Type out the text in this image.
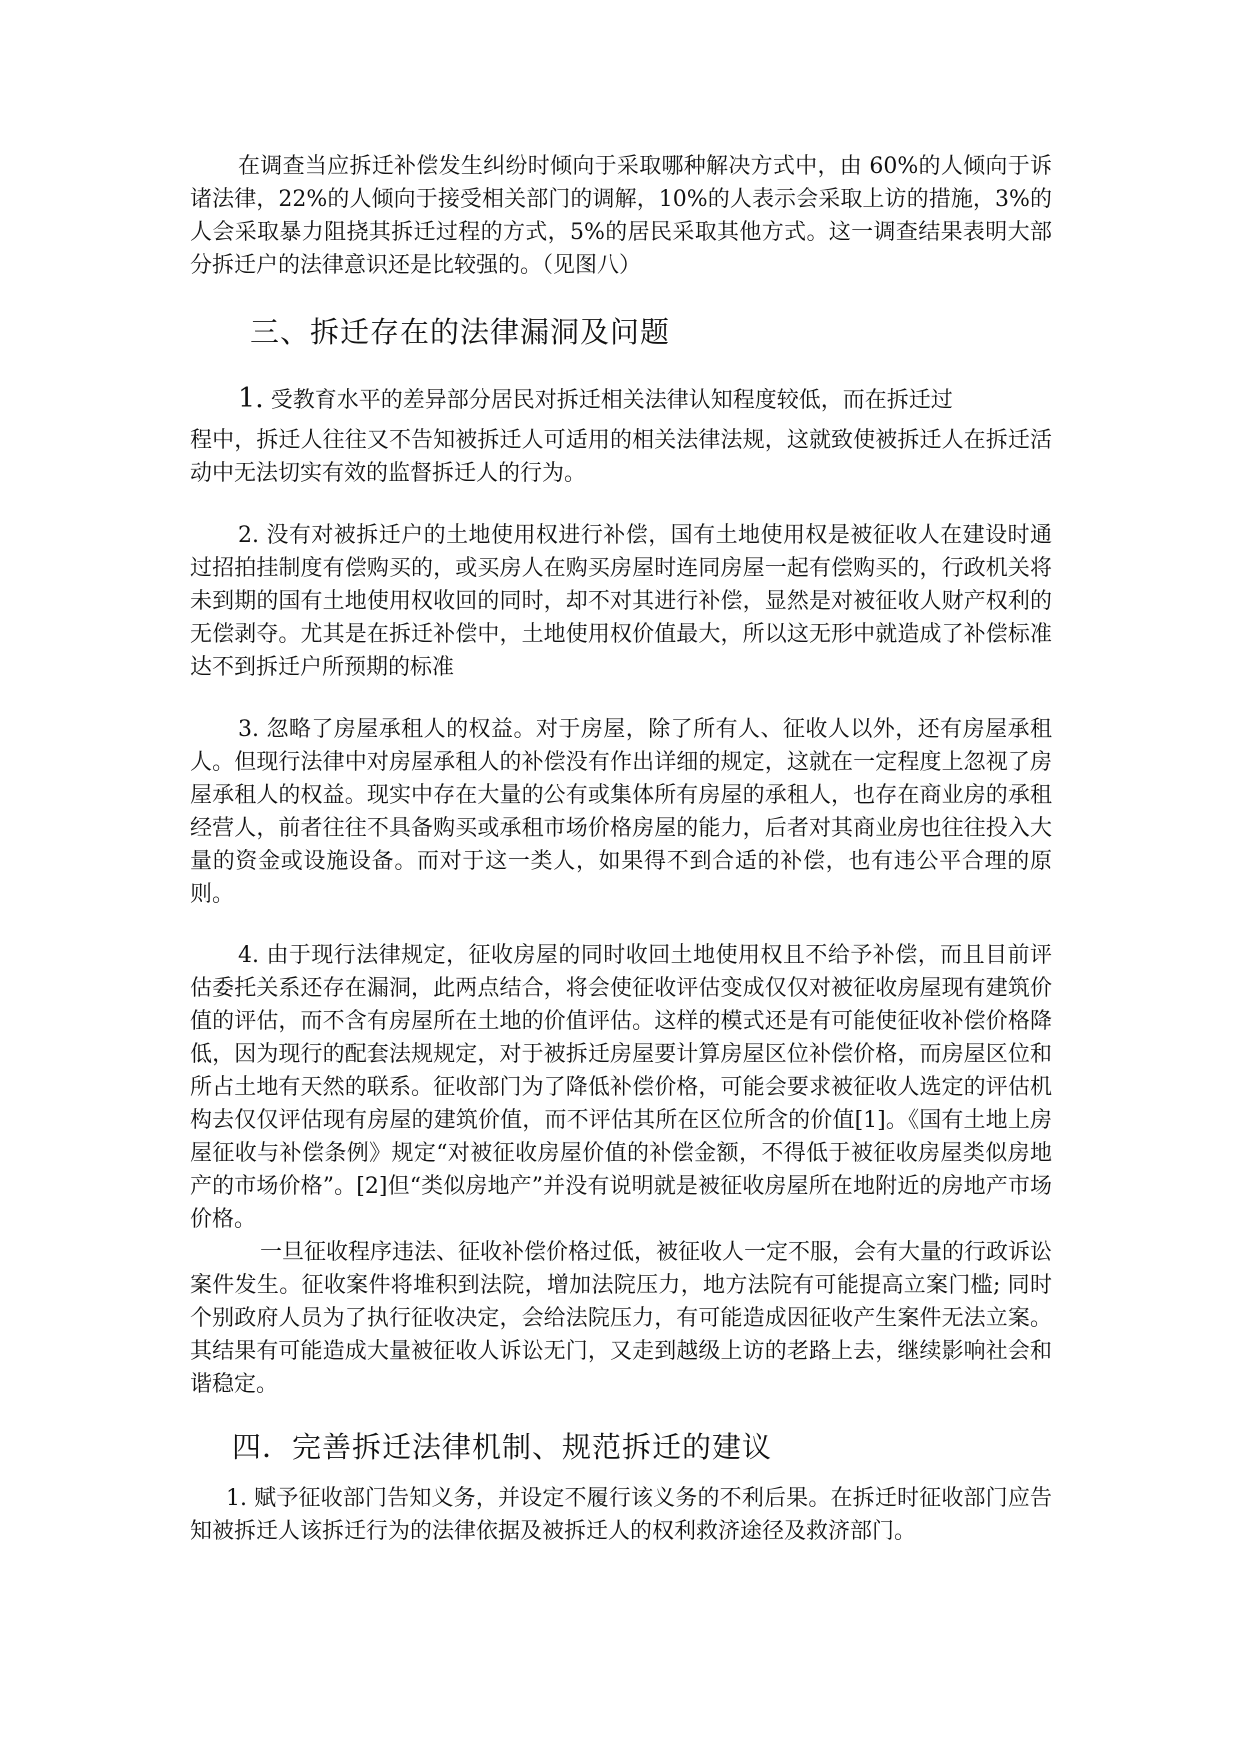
在调查当应拆迁补偿发生纠纷时倾向于采取哪种解决方式中，由 60%的人倾向于诉诸法律，22%的人倾向于接受相关部门的调解，10%的人表示会采取上访的措施，3%的人会采取暴力阻挠其拆迁过程的方式，5%的居民采取其他方式。这一调查结果表明大部分拆迁户的法律意识还是比较强的。（见图八）

三、拆迁存在的法律漏洞及问题

1. 受教育水平的差异部分居民对拆迁相关法律认知程度较低，而在拆迁过

程中，拆迁人往往又不告知被拆迁人可适用的相关法律法规，这就致使被拆迁人在拆迁活动中无法切实有效的监督拆迁人的行为。

2. 没有对被拆迁户的土地使用权进行补偿，国有土地使用权是被征收人在建设时通过招拍挂制度有偿购买的，或买房人在购买房屋时连同房屋一起有偿购买的，行政机关将未到期的国有土地使用权收回的同时，却不对其进行补偿，显然是对被征收人财产权利的无偿剥夺。尤其是在拆迁补偿中，土地使用权价值最大，所以这无形中就造成了补偿标准达不到拆迁户所预期的标准

3. 忽略了房屋承租人的权益。对于房屋，除了所有人、征收人以外，还有房屋承租人。但现行法律中对房屋承租人的补偿没有作出详细的规定，这就在一定程度上忽视了房屋承租人的权益。现实中存在大量的公有或集体所有房屋的承租人，也存在商业房的承租经营人，前者往往不具备购买或承租市场价格房屋的能力，后者对其商业房也往往投入大量的资金或设施设备。而对于这一类人，如果得不到合适的补偿，也有违公平合理的原则。

4. 由于现行法律规定，征收房屋的同时收回土地使用权且不给予补偿，而且目前评估委托关系还存在漏洞，此两点结合，将会使征收评估变成仅仅对被征收房屋现有建筑价值的评估，而不含有房屋所在土地的价值评估。这样的模式还是有可能使征收补偿价格降低，因为现行的配套法规规定，对于被拆迁房屋要计算房屋区位补偿价格，而房屋区位和所占土地有天然的联系。征收部门为了降低补偿价格，可能会要求被征收人选定的评估机构去仅仅评估现有房屋的建筑价值，而不评估其所在区位所含的价值[1]。《国有土地上房屋征收与补偿条例》规定“对被征收房屋价值的补偿金额，不得低于被征收房屋类似房地产的市场价格”。[2]但“类似房地产”并没有说明就是被征收房屋所在地附近的房地产市场价格。

一旦征收程序违法、征收补偿价格过低，被征收人一定不服，会有大量的行政诉讼案件发生。征收案件将堆积到法院，增加法院压力，地方法院有可能提高立案门槛; 同时个别政府人员为了执行征收决定，会给法院压力，有可能造成因征收产生案件无法立案。其结果有可能造成大量被征收人诉讼无门，又走到越级上访的老路上去，继续影响社会和谐稳定。

四．完善拆迁法律机制、规范拆迁的建议

1. 赋予征收部门告知义务，并设定不履行该义务的不利后果。在拆迁时征收部门应告知被拆迁人该拆迁行为的法律依据及被拆迁人的权利救济途径及救济部门。
